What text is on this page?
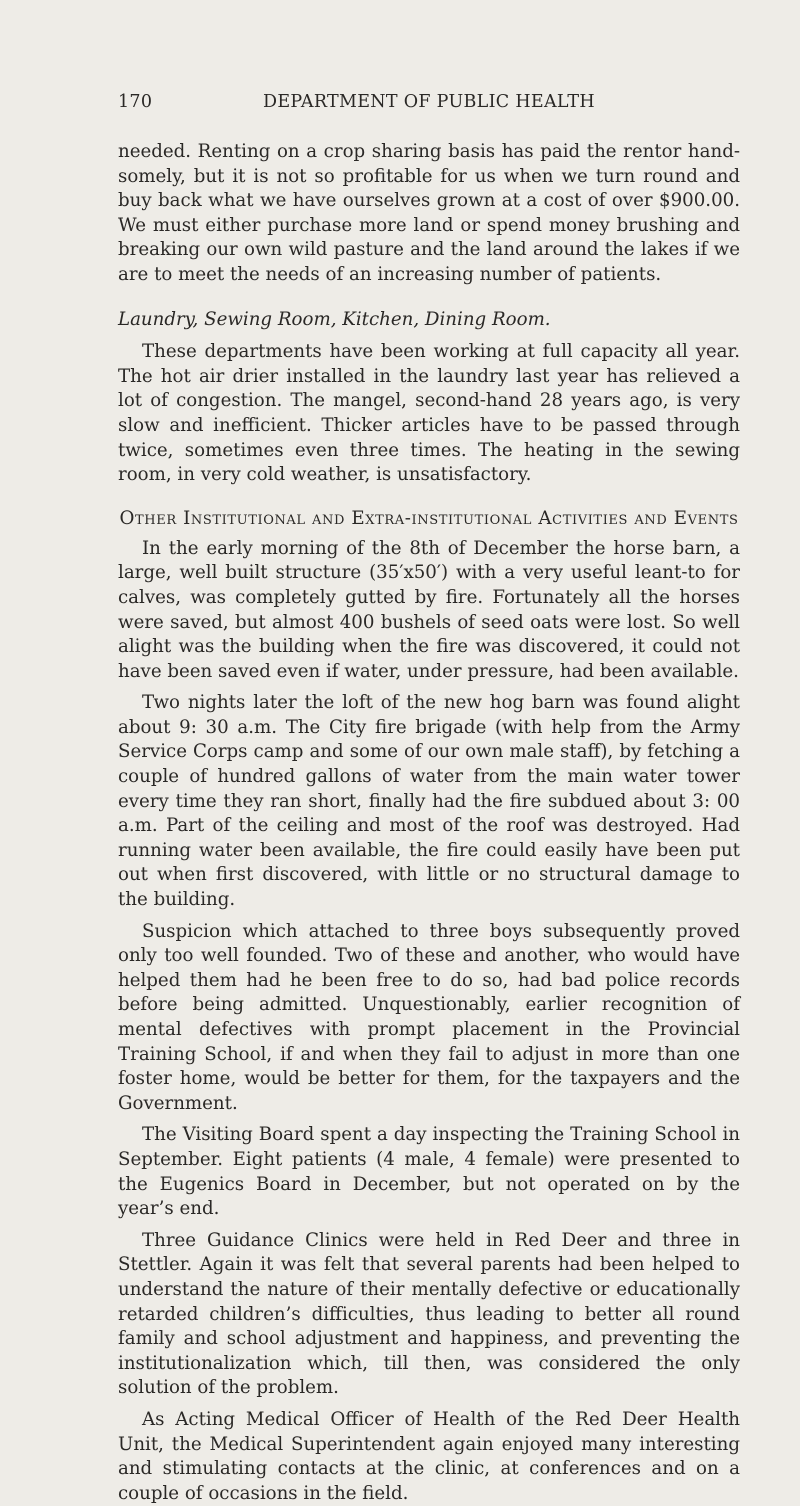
170	DEPARTMENT OF PUBLIC HEALTH

needed. Renting on a crop sharing basis has paid the rentor handsomely, but it is not so profitable for us when we turn round and buy back what we have ourselves grown at a cost of over $900.00. We must either purchase more land or spend money brushing and breaking our own wild pasture and the land around the lakes if we are to meet the needs of an increasing number of patients.

Laundry, Sewing Room, Kitchen, Dining Room.

These departments have been working at full capacity all year. The hot air drier installed in the laundry last year has relieved a lot of congestion. The mangel, second-hand 28 years ago, is very slow and inefficient. Thicker articles have to be passed through twice, sometimes even three times. The heating in the sewing room, in very cold weather, is unsatisfactory.

Other Institutional and Extra-institutional Activities and Events

In the early morning of the 8th of December the horse barn, a large, well built structure (35′x50′) with a very useful leant-to for calves, was completely gutted by fire. Fortunately all the horses were saved, but almost 400 bushels of seed oats were lost. So well alight was the building when the fire was discovered, it could not have been saved even if water, under pressure, had been available.

Two nights later the loft of the new hog barn was found alight about 9: 30 a.m. The City fire brigade (with help from the Army Service Corps camp and some of our own male staff), by fetching a couple of hundred gallons of water from the main water tower every time they ran short, finally had the fire subdued about 3: 00 a.m. Part of the ceiling and most of the roof was destroyed. Had running water been available, the fire could easily have been put out when first discovered, with little or no structural damage to the building.

Suspicion which attached to three boys subsequently proved only too well founded. Two of these and another, who would have helped them had he been free to do so, had bad police records before being admitted. Unquestionably, earlier recognition of mental defectives with prompt placement in the Provincial Training School, if and when they fail to adjust in more than one foster home, would be better for them, for the taxpayers and the Government.

The Visiting Board spent a day inspecting the Training School in September. Eight patients (4 male, 4 female) were presented to the Eugenics Board in December, but not operated on by the year’s end.

Three Guidance Clinics were held in Red Deer and three in Stettler. Again it was felt that several parents had been helped to understand the nature of their mentally defective or educationally retarded children’s difficulties, thus leading to better all round family and school adjustment and happiness, and preventing the institutionalization which, till then, was considered the only solution of the problem.

As Acting Medical Officer of Health of the Red Deer Health Unit, the Medical Superintendent again enjoyed many interesting and stimulating contacts at the clinic, at conferences and on a couple of occasions in the field.
